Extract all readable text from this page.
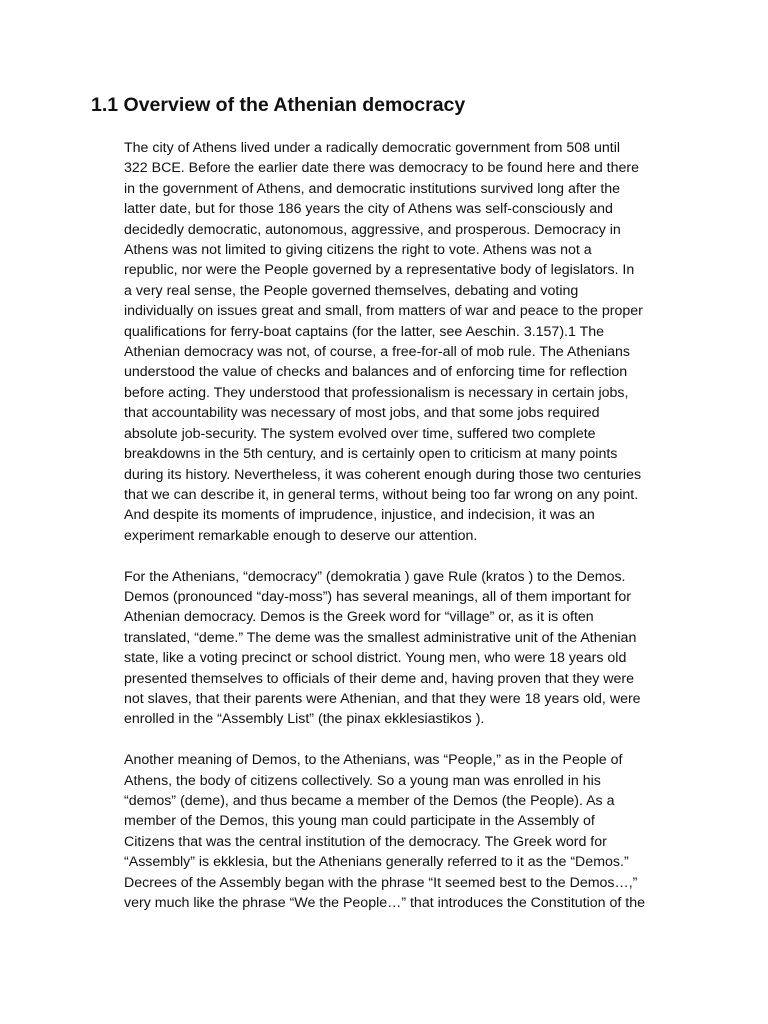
1.1 Overview of the Athenian democracy

The city of Athens lived under a radically democratic government from 508 until
322 BCE. Before the earlier date there was democracy to be found here and there
in the government of Athens, and democratic institutions survived long after the
latter date, but for those 186 years the city of Athens was self-consciously and
decidedly democratic, autonomous, aggressive, and prosperous. Democracy in
Athens was not limited to giving citizens the right to vote. Athens was not a
republic, nor were the People governed by a representative body of legislators. In
a very real sense, the People governed themselves, debating and voting
individually on issues great and small, from matters of war and peace to the proper
qualifications for ferry-boat captains (for the latter, see Aeschin. 3.157).1 The
Athenian democracy was not, of course, a free-for-all of mob rule. The Athenians
understood the value of checks and balances and of enforcing time for reflection
before acting. They understood that professionalism is necessary in certain jobs,
that accountability was necessary of most jobs, and that some jobs required
absolute job-security. The system evolved over time, suffered two complete
breakdowns in the 5th century, and is certainly open to criticism at many points
during its history. Nevertheless, it was coherent enough during those two centuries
that we can describe it, in general terms, without being too far wrong on any point.
And despite its moments of imprudence, injustice, and indecision, it was an
experiment remarkable enough to deserve our attention.

For the Athenians, “democracy” (demokratia ) gave Rule (kratos ) to the Demos.
Demos (pronounced “day-moss”) has several meanings, all of them important for
Athenian democracy. Demos is the Greek word for “village” or, as it is often
translated, “deme.” The deme was the smallest administrative unit of the Athenian
state, like a voting precinct or school district. Young men, who were 18 years old
presented themselves to officials of their deme and, having proven that they were
not slaves, that their parents were Athenian, and that they were 18 years old, were
enrolled in the “Assembly List” (the pinax ekklesiastikos ).

Another meaning of Demos, to the Athenians, was “People,” as in the People of
Athens, the body of citizens collectively. So a young man was enrolled in his
“demos” (deme), and thus became a member of the Demos (the People). As a
member of the Demos, this young man could participate in the Assembly of
Citizens that was the central institution of the democracy. The Greek word for
“Assembly” is ekklesia, but the Athenians generally referred to it as the “Demos.”
Decrees of the Assembly began with the phrase “It seemed best to the Demos…,”
very much like the phrase “We the People…” that introduces the Constitution of the
